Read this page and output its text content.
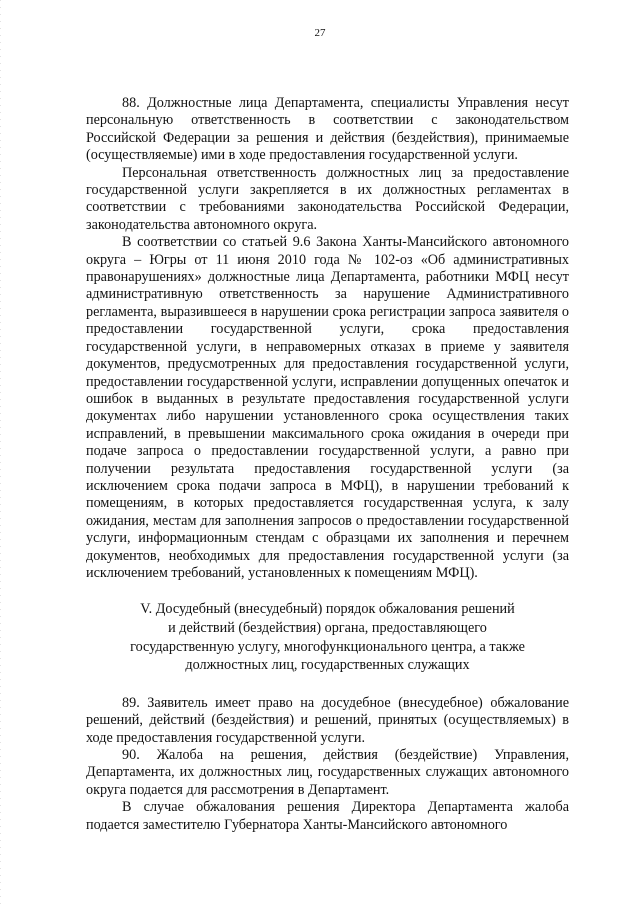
27

88. Должностные лица Департамента, специалисты Управления несут персональную ответственность в соответствии с законодательством Российской Федерации за решения и действия (бездействия), принимаемые (осуществляемые) ими в ходе предоставления государственной услуги.

Персональная ответственность должностных лиц за предоставление государственной услуги закрепляется в их должностных регламентах в соответствии с требованиями законодательства Российской Федерации, законодательства автономного округа.

В соответствии со статьей 9.6 Закона Ханты-Мансийского автономного округа – Югры от 11 июня 2010 года № 102-оз «Об административных правонарушениях» должностные лица Департамента, работники МФЦ несут административную ответственность за нарушение Административного регламента, выразившееся в нарушении срока регистрации запроса заявителя о предоставлении государственной услуги, срока предоставления государственной услуги, в неправомерных отказах в приеме у заявителя документов, предусмотренных для предоставления государственной услуги, предоставлении государственной услуги, исправлении допущенных опечаток и ошибок в выданных в результате предоставления государственной услуги документах либо нарушении установленного срока осуществления таких исправлений, в превышении максимального срока ожидания в очереди при подаче запроса о предоставлении государственной услуги, а равно при получении результата предоставления государственной услуги (за исключением срока подачи запроса в МФЦ), в нарушении требований к помещениям, в которых предоставляется государственная услуга, к залу ожидания, местам для заполнения запросов о предоставлении государственной услуги, информационным стендам с образцами их заполнения и перечнем документов, необходимых для предоставления государственной услуги (за исключением требований, установленных к помещениям МФЦ).

V. Досудебный (внесудебный) порядок обжалования решений
и действий (бездействия) органа, предоставляющего
государственную услугу, многофункционального центра, а также
должностных лиц, государственных служащих

89. Заявитель имеет право на досудебное (внесудебное) обжалование решений, действий (бездействия) и решений, принятых (осуществляемых) в ходе предоставления государственной услуги.

90. Жалоба на решения, действия (бездействие) Управления, Департамента, их должностных лиц, государственных служащих автономного округа подается для рассмотрения в Департамент.

В случае обжалования решения Директора Департамента жалоба подается заместителю Губернатора Ханты-Мансийского автономного
